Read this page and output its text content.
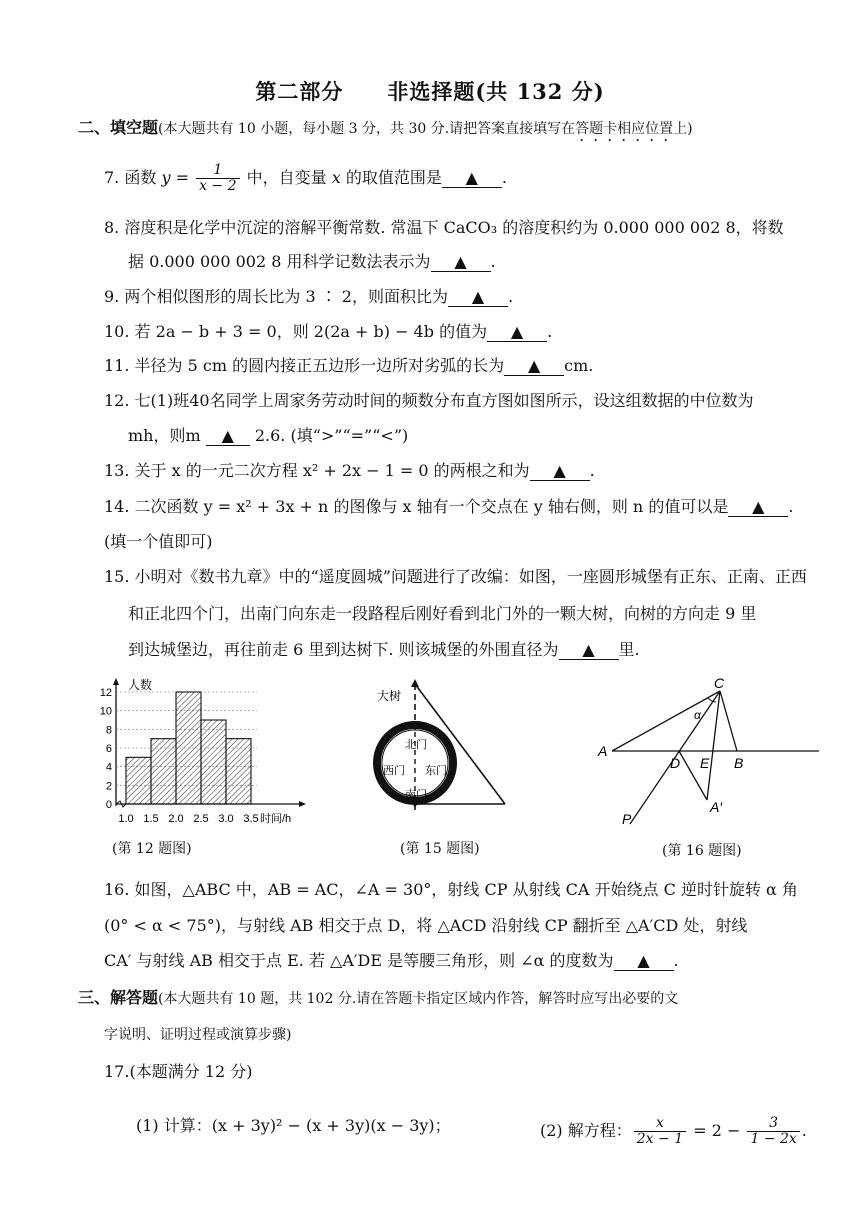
第二部分　　非选择题(共 132 分)
二、填空题(本大题共有 10 小题，每小题 3 分，共 30 分.请把答案直接填写在答题卡相应位置上)
7. 函数 $y = \frac{1}{x - 2}$ 中，自变量 x 的取值范围是 ▲ .
8. 溶度积是化学中沉淀的溶解平衡常数. 常温下 CaCO₃ 的溶度积约为 0.000 000 002 8，将数
据 0.000 000 002 8 用科学记数法表示为 ▲ .
9. 两个相似图形的周长比为 3 ∶ 2，则面积比为 ▲ .
10. 若 2a − b + 3 = 0，则 2(2a + b) − 4b 的值为 ▲ .
11. 半径为 5 cm 的圆内接正五边形一边所对劣弧的长为 ▲ cm.
12. 七(1)班40名同学上周家务劳动时间的频数分布直方图如图所示，设这组数据的中位数为
mh，则m ▲ 2.6. (填“>”“=”“<”)
13. 关于 x 的一元二次方程 x² + 2x − 1 = 0 的两根之和为 ▲ .
14. 二次函数 y = x² + 3x + n 的图像与 x 轴有一个交点在 y 轴右侧，则 n 的值可以是 ▲ .
(填一个值即可)
15. 小明对《数书九章》中的“遥度圆城”问题进行了改编：如图，一座圆形城堡有正东、正南、正西
和正北四个门，出南门向东走一段路程后刚好看到北门外的一颗大树，向树的方向走 9 里
到达城堡边，再往前走 6 里到达树下. 则该城堡的外围直径为 ▲ 里.
0
2
4
6
8
10
12
1.0 1.5 2.0 2.5 3.0 3.5
人数
时间/h
(第 12 题图)
大树
北门
西门 东门
南门
(第 15 题图)
C
α
A
D E B
A′
P
(第 16 题图)
16. 如图，△ABC 中，AB = AC，∠A = 30°，射线 CP 从射线 CA 开始绕点 C 逆时针旋转 α 角
(0° < α < 75°)，与射线 AB 相交于点 D，将 △ACD 沿射线 CP 翻折至 △A′CD 处，射线
CA′ 与射线 AB 相交于点 E. 若 △A′DE 是等腰三角形，则 ∠α 的度数为 ▲ .
三、解答题(本大题共有 10 题，共 102 分.请在答题卡指定区域内作答，解答时应写出必要的文
字说明、证明过程或演算步骤)
17.(本题满分 12 分)
(1) 计算：(x + 3y)² − (x + 3y)(x − 3y)；	(2) 解方程： $\frac{x}{2x - 1} = 2 - \frac{3}{1 - 2x}$ .
